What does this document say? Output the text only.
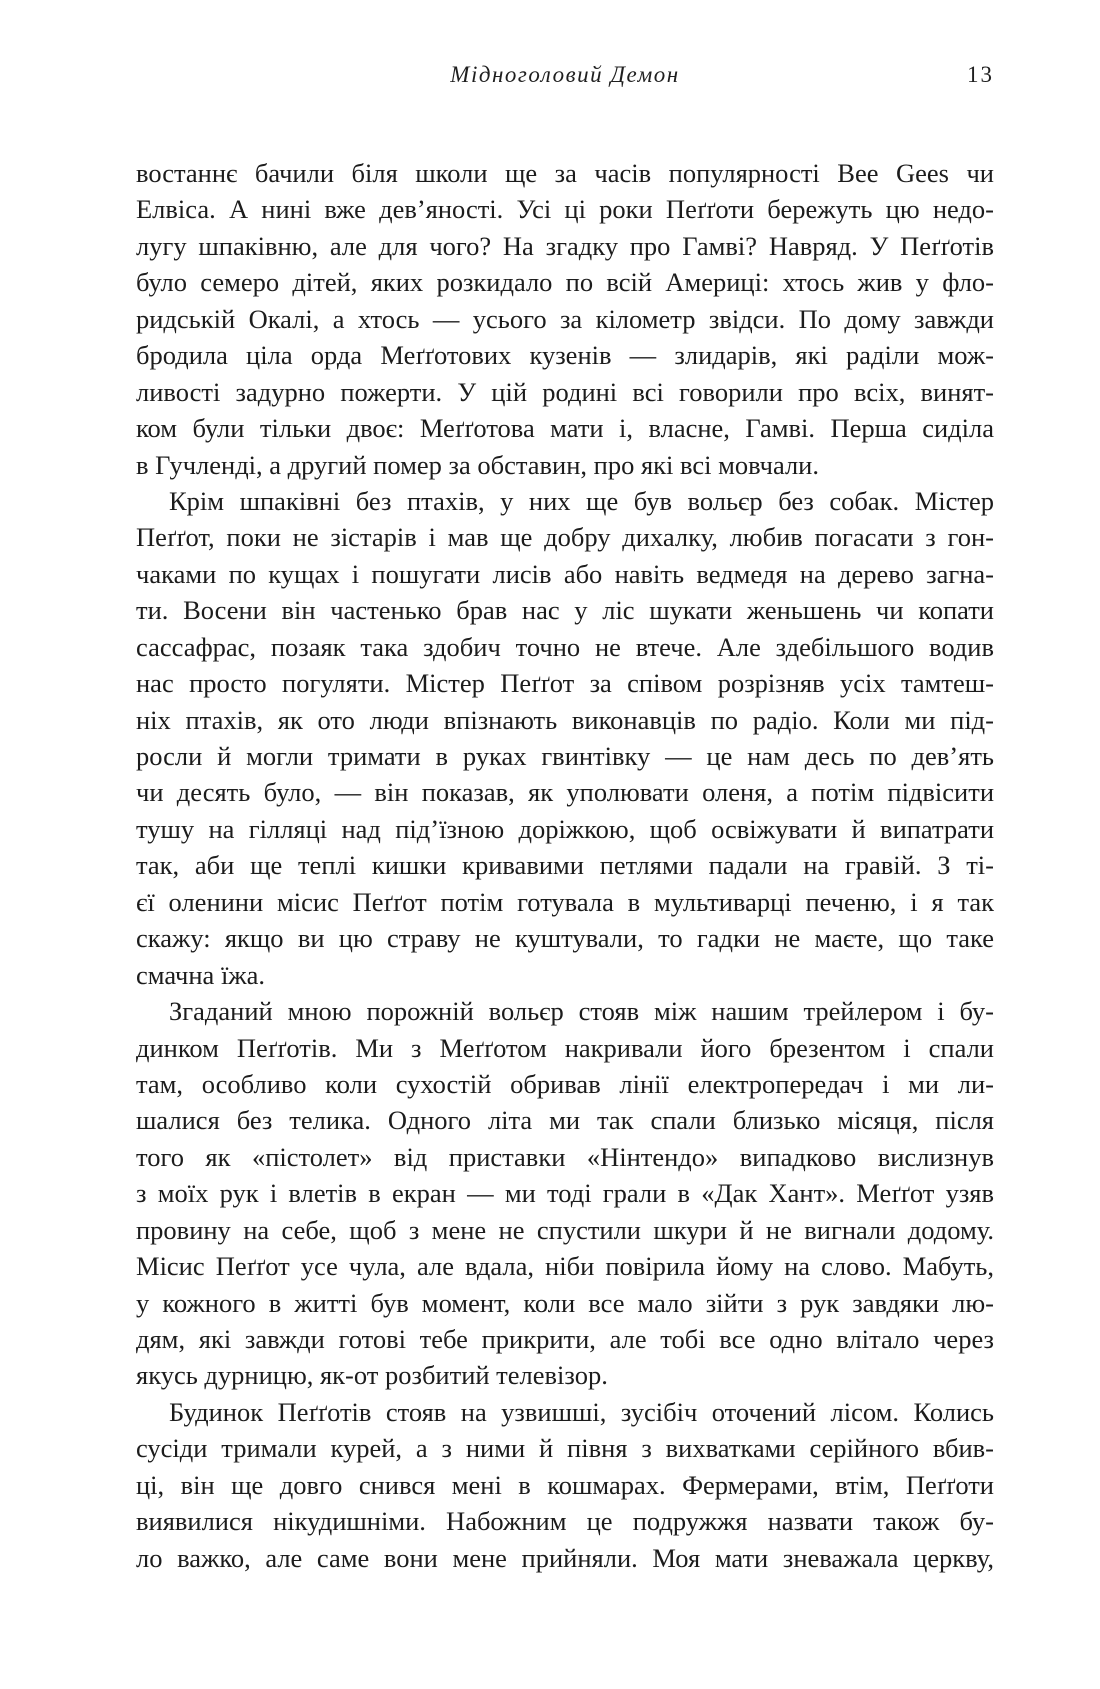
Мідноголовий Демон	13
востаннє бачили біля школи ще за часів популярності Bee Gees чи
Елвіса. А нині вже дев’яності. Усі ці роки Пеґґоти бережуть цю недо-
лугу шпаківню, але для чого? На згадку про Гамві? Навряд. У Пеґґотів
було семеро дітей, яких розкидало по всій Америці: хтось жив у фло-
ридській Окалі, а хтось — усього за кілометр звідси. По дому завжди
бродила ціла орда Меґґотових кузенів — злидарів, які раділи мож-
ливості задурно пожерти. У цій родині всі говорили про всіх, винят-
ком були тільки двоє: Меґґотова мати і, власне, Гамві. Перша сиділа
в Гучленді, а другий помер за обставин, про які всі мовчали.
Крім шпаківні без птахів, у них ще був вольєр без собак. Містер
Пеґґот, поки не зістарів і мав ще добру дихалку, любив погасати з гон-
чаками по кущах і пошугати лисів або навіть ведмедя на дерево загна-
ти. Восени він частенько брав нас у ліс шукати женьшень чи копати
сассафрас, позаяк така здобич точно не втече. Але здебільшого водив
нас просто погуляти. Містер Пеґґот за співом розрізняв усіх тамтеш-
ніх птахів, як ото люди впізнають виконавців по радіо. Коли ми під-
росли й могли тримати в руках гвинтівку — це нам десь по дев’ять
чи десять було, — він показав, як уполювати оленя, а потім підвісити
тушу на гілляці над під’їзною доріжкою, щоб освіжувати й випатрати
так, аби ще теплі кишки кривавими петлями падали на гравій. З ті-
єї оленини місис Пеґґот потім готувала в мультиварці печеню, і я так
скажу: якщо ви цю страву не куштували, то гадки не маєте, що таке
смачна їжа.
Згаданий мною порожній вольєр стояв між нашим трейлером і бу-
динком Пеґґотів. Ми з Меґґотом накривали його брезентом і спали
там, особливо коли сухостій обривав лінії електропередач і ми ли-
шалися без телика. Одного літа ми так спали близько місяця, після
того як «пістолет» від приставки «Нінтендо» випадково вислизнув
з моїх рук і влетів в екран — ми тоді грали в «Дак Хант». Меґґот узяв
провину на себе, щоб з мене не спустили шкури й не вигнали додому.
Місис Пеґґот усе чула, але вдала, ніби повірила йому на слово. Мабуть,
у кожного в житті був момент, коли все мало зійти з рук завдяки лю-
дям, які завжди готові тебе прикрити, але тобі все одно влітало через
якусь дурницю, як-от розбитий телевізор.
Будинок Пеґґотів стояв на узвишші, зусібіч оточений лісом. Колись
сусіди тримали курей, а з ними й півня з вихватками серійного вбив-
ці, він ще довго снився мені в кошмарах. Фермерами, втім, Пеґґоти
виявилися нікудишніми. Набожним це подружжя назвати також бу-
ло важко, але саме вони мене прийняли. Моя мати зневажала церкву,
